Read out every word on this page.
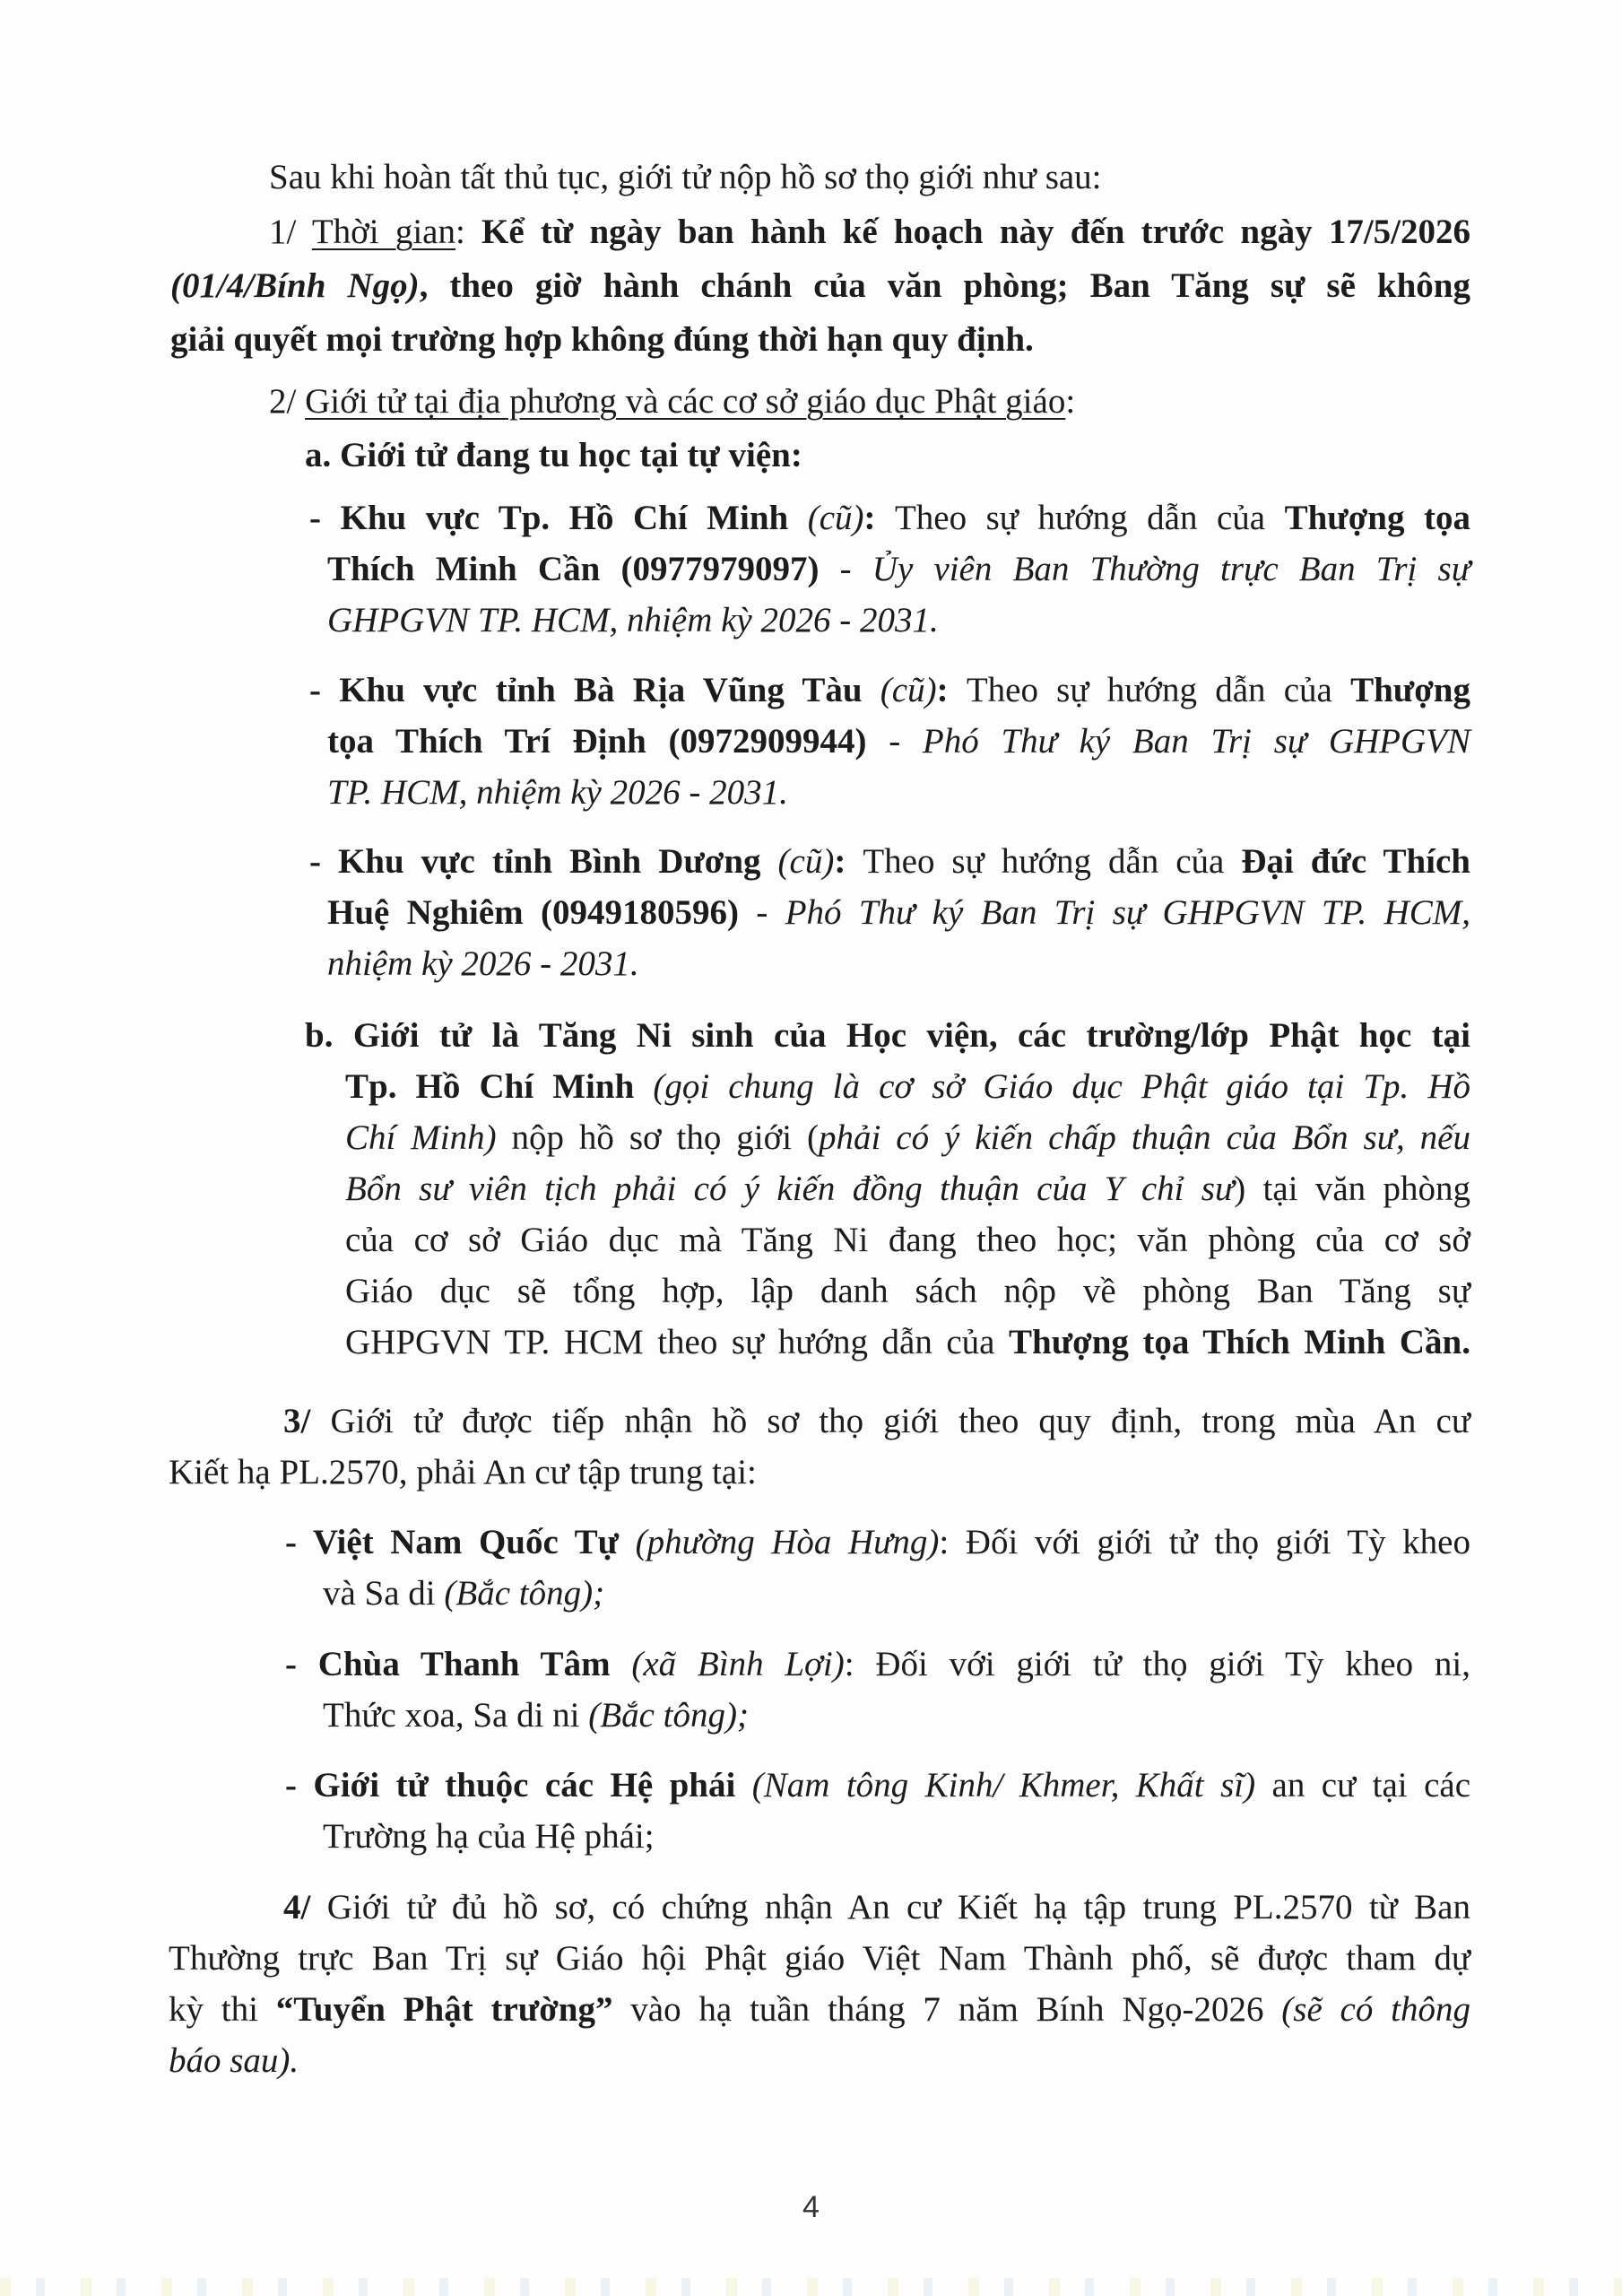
Sau khi hoàn tất thủ tục, giới tử nộp hồ sơ thọ giới như sau:
1/ Thời gian: Kể từ ngày ban hành kế hoạch này đến trước ngày 17/5/2026
(01/4/Bính Ngọ), theo giờ hành chánh của văn phòng; Ban Tăng sự sẽ không
giải quyết mọi trường hợp không đúng thời hạn quy định.
2/ Giới tử tại địa phương và các cơ sở giáo dục Phật giáo:
a. Giới tử đang tu học tại tự viện:
- Khu vực Tp. Hồ Chí Minh (cũ): Theo sự hướng dẫn của Thượng tọa
Thích Minh Cần (0977979097) - Ủy viên Ban Thường trực Ban Trị sự
GHPGVN TP. HCM, nhiệm kỳ 2026 - 2031.
- Khu vực tỉnh Bà Rịa Vũng Tàu (cũ): Theo sự hướng dẫn của Thượng
tọa Thích Trí Định (0972909944) - Phó Thư ký Ban Trị sự GHPGVN
TP. HCM, nhiệm kỳ 2026 - 2031.
- Khu vực tỉnh Bình Dương (cũ): Theo sự hướng dẫn của Đại đức Thích
Huệ Nghiêm (0949180596) - Phó Thư ký Ban Trị sự GHPGVN TP. HCM,
nhiệm kỳ 2026 - 2031.
b. Giới tử là Tăng Ni sinh của Học viện, các trường/lớp Phật học tại
Tp. Hồ Chí Minh (gọi chung là cơ sở Giáo dục Phật giáo tại Tp. Hồ
Chí Minh) nộp hồ sơ thọ giới (phải có ý kiến chấp thuận của Bổn sư, nếu
Bổn sư viên tịch phải có ý kiến đồng thuận của Y chỉ sư) tại văn phòng
của cơ sở Giáo dục mà Tăng Ni đang theo học; văn phòng của cơ sở
Giáo dục sẽ tổng hợp, lập danh sách nộp về phòng Ban Tăng sự
GHPGVN TP. HCM theo sự hướng dẫn của Thượng tọa Thích Minh Cần.
3/ Giới tử được tiếp nhận hồ sơ thọ giới theo quy định, trong mùa An cư
Kiết hạ PL.2570, phải An cư tập trung tại:
- Việt Nam Quốc Tự (phường Hòa Hưng): Đối với giới tử thọ giới Tỳ kheo
và Sa di (Bắc tông);
- Chùa Thanh Tâm (xã Bình Lợi): Đối với giới tử thọ giới Tỳ kheo ni,
Thức xoa, Sa di ni (Bắc tông);
- Giới tử thuộc các Hệ phái (Nam tông Kinh/ Khmer, Khất sĩ) an cư tại các
Trường hạ của Hệ phái;
4/ Giới tử đủ hồ sơ, có chứng nhận An cư Kiết hạ tập trung PL.2570 từ Ban
Thường trực Ban Trị sự Giáo hội Phật giáo Việt Nam Thành phố, sẽ được tham dự
kỳ thi “Tuyển Phật trường” vào hạ tuần tháng 7 năm Bính Ngọ-2026 (sẽ có thông
báo sau).
4
